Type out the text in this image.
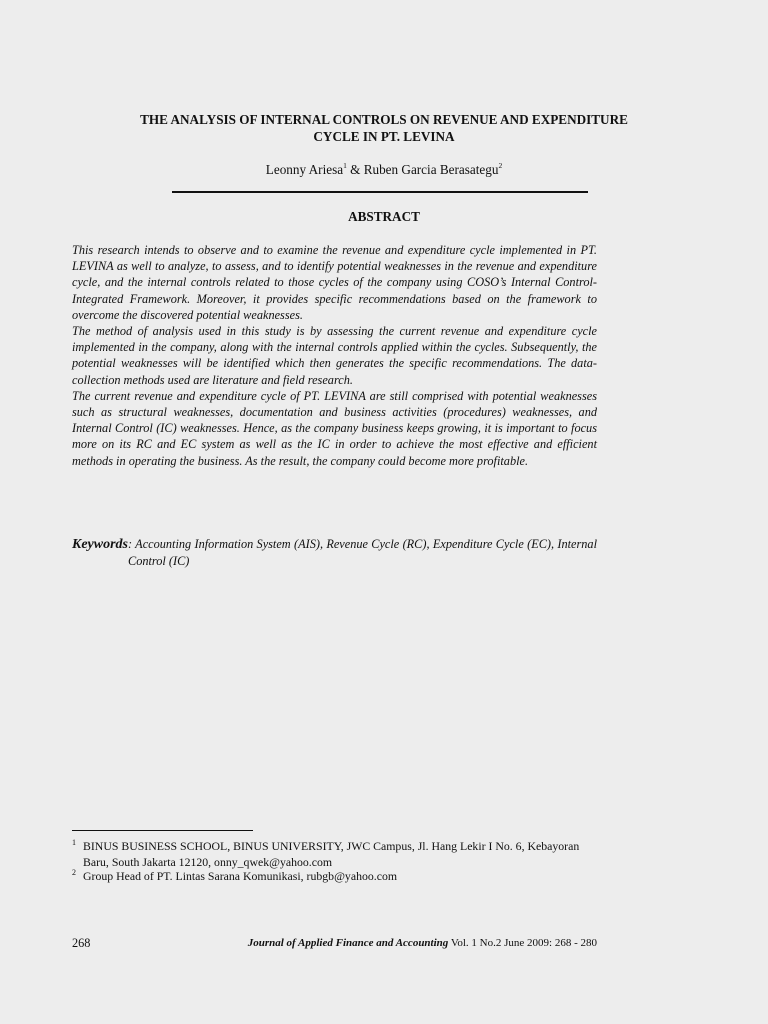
THE ANALYSIS OF INTERNAL CONTROLS ON REVENUE AND EXPENDITURE
CYCLE IN PT. LEVINA
Leonny Ariesa$^1$ & Ruben Garcia Berasategu$^2$
ABSTRACT

This research intends to observe and to examine the revenue and expenditure cycle implemented in PT. LEVINA as well to analyze, to assess, and to identify potential weaknesses in the revenue and expenditure cycle, and the internal controls related to those cycles of the company using COSO’s Internal Control-Integrated Framework. Moreover, it provides specific recommendations based on the framework to overcome the discovered potential weaknesses.

The method of analysis used in this study is by assessing the current revenue and expenditure cycle implemented in the company, along with the internal controls applied within the cycles. Subsequently, the potential weaknesses will be identified which then generates the specific recommendations. The data-collection methods used are literature and field research.

The current revenue and expenditure cycle of PT. LEVINA are still comprised with potential weaknesses such as structural weaknesses, documentation and business activities (procedures) weaknesses, and Internal Control (IC) weaknesses. Hence, as the company business keeps growing, it is important to focus more on its RC and EC system as well as the IC in order to achieve the most effective and efficient methods in operating the business. As the result, the company could become more profitable.

Keywords: Accounting Information System (AIS), Revenue Cycle (RC), Expenditure Cycle (EC), Internal Control (IC)
1 BINUS BUSINESS SCHOOL, BINUS UNIVERSITY, JWC Campus, Jl. Hang Lekir I No. 6, Kebayoran Baru, South Jakarta 12120, onny_qwek@yahoo.com
2 Group Head of PT. Lintas Sarana Komunikasi, rubgb@yahoo.com
268	Journal of Applied Finance and Accounting Vol. 1 No.2 June 2009: 268 - 280
